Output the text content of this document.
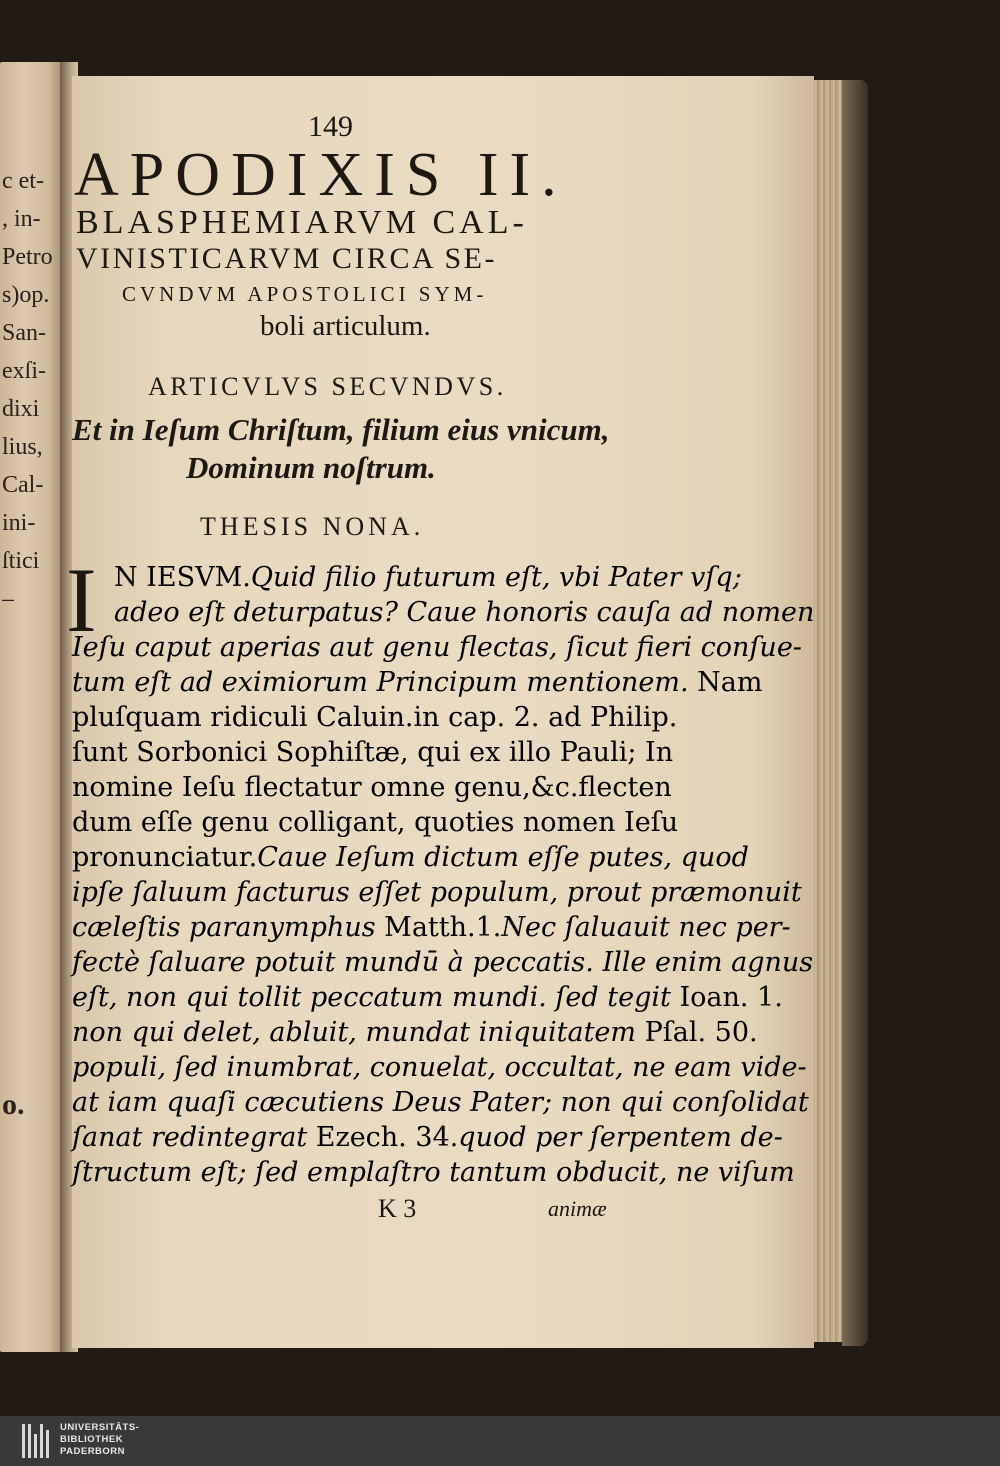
c et-
, in-
Petro
s)op.
San-
exſi-
dixi
lius,
Cal-
ini-
ſtici
–
o.
149
APODIXIS II.
BLASPHEMIARVM CAL-
VINISTICARVM CIRCA SE-
CVNDVM APOSTOLICI SYM-
boli articulum.
ARTICVLVS SECVNDVS.
Et in Ieſum Chriſtum, filium eius vnicum,
Dominum noſtrum.
THESIS NONA.
I N IESVM.Quid filio futurum eſt, vbi Pater vſq;
adeo eſt deturpatus? Caue honoris cauſa ad nomen
Ieſu caput aperias aut genu flectas, ſicut fieri conſue-
tum eſt ad eximiorum Principum mentionem. Nam
pluſquam ridiculi Caluin.in cap. 2. ad Philip.
ſunt Sorbonici Sophiſtæ, qui ex illo Pauli; In
nomine Ieſu flectatur omne genu,&c.flecten
dum eſſe genu colligant, quoties nomen Ieſu
pronunciatur.Caue Ieſum dictum eſſe putes, quod
ipſe ſaluum facturus eſſet populum, prout præmonuit
cæleſtis paranymphus Matth.1.Nec ſaluauit nec per-
fectè ſaluare potuit mundū à peccatis. Ille enim agnus
eſt, non qui tollit peccatum mundi. ſed tegit Ioan. 1.
non qui delet, abluit, mundat iniquitatem Pſal. 50.
populi, ſed inumbrat, conuelat, occultat, ne eam vide-
at iam quaſi cæcutiens Deus Pater; non qui conſolidat
ſanat redintegrat Ezech. 34.quod per ſerpentem de-
ſtructum eſt; ſed emplaſtro tantum obducit, ne viſum
K 3	animæ
UNIVERSITÄTS-
BIBLIOTHEK
PADERBORN
